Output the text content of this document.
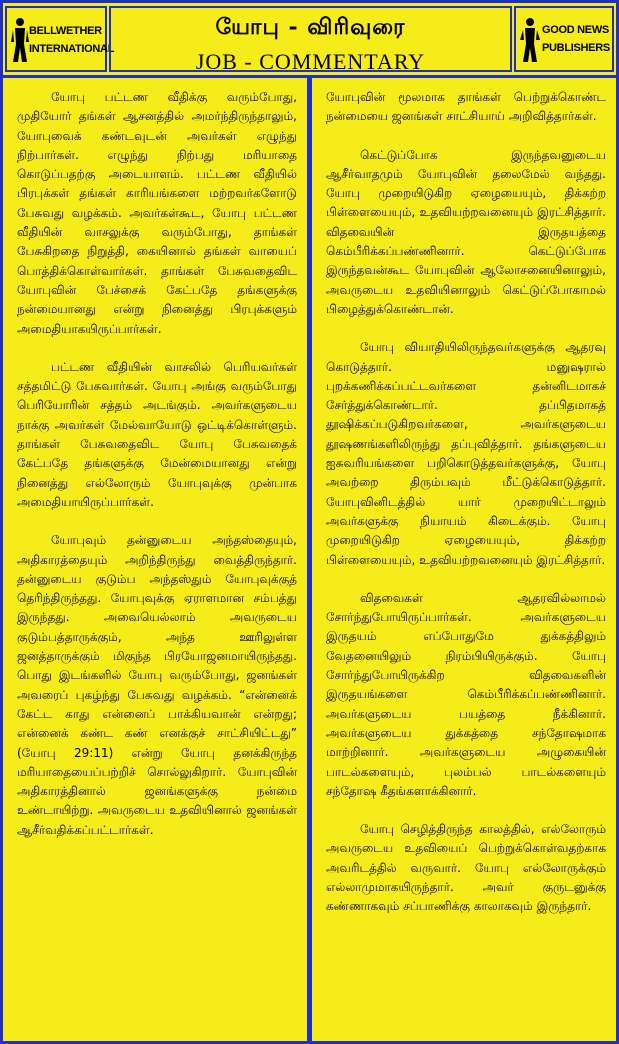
BELLWETHER
INTERNATIONAL
யோபு - விரிவுரை
JOB - COMMENTARY
GOOD NEWS
PUBLISHERS

யோபு பட்டண வீதிக்கு வரும்போது, முதியோர் தங்கள் ஆசனத்தில் அமர்ந்திருந்தாலும், யோபுவைக் கண்டவுடன் அவர்கள் எழுந்து நிற்பார்கள். எழுந்து நிற்பது மரியாதை கொடுப்பதற்கு அடையாளம். பட்டண வீதியில் பிரபுக்கள் தங்கள் காரியங்களை மற்றவர்களோடு பேசுவது வழக்கம். அவர்கள்கூட, யோபு பட்டண வீதியின் வாசலுக்கு வரும்போது, தாங்கள் பேசுகிறதை நிறுத்தி, கையினால் தங்கள் வாயைப் பொத்திக்கொள்வார்கள். தாங்கள் பேசுவதைவிட யோபுவின் பேச்சைக் கேட்பதே தங்களுக்கு நன்மையானது என்று நினைத்து பிரபுக்களும் அமைதியாகயிருப்பார்கள்.

பட்டண வீதியின் வாசலில் பெரியவர்கள் சத்தமிட்டு பேசுவார்கள். யோபு அங்கு வரும்போது பெரியோரின் சத்தம் அடங்கும். அவர்களுடைய நாக்கு அவர்கள் மேல்வாயோடு ஒட்டிக்கொள்ளும். தாங்கள் பேசுவதைவிட யோபு பேசுவதைக் கேட்பதே தங்களுக்கு மேன்மையானது என்று நினைத்து எல்லோரும் யோபுவுக்கு முன்பாக அமைதியாயிருப்பார்கள்.

யோபுவும் தன்னுடைய அந்தஸ்தையும், அதிகாரத்தையும் அறிந்திருந்து வைத்திருந்தார். தன்னுடைய குடும்ப அந்தஸ்தும் யோபுவுக்குத் தெரிந்திருந்தது. யோபுவுக்கு ஏராளமான சம்பத்து இருந்தது. அவையெல்லாம் அவருடைய குடும்பத்தாருக்கும், அந்த ஊரிலுள்ள ஜனத்தாருக்கும் மிகுந்த பிரயோஜனமாயிருந்தது. பொது இடங்களில் யோபு வரும்போது, ஜனங்கள் அவரைப் புகழ்ந்து பேசுவது வழக்கம். “என்னைக் கேட்ட காது என்னைப் பாக்கியவான் என்றது; என்னைக் கண்ட கண் எனக்குச் சாட்சியிட்டது” (யோபு 29:11) என்று யோபு தனக்கிருந்த மரியாதையைப்பற்றிச் சொல்லுகிறார். யோபுவின் அதிகாரத்தினால் ஜனங்களுக்கு நன்மை உண்டாயிற்று. அவருடைய உதவியினால் ஜனங்கள் ஆசீர்வதிக்கப்பட்டார்கள்.

யோபுவின் மூலமாக தாங்கள் பெற்றுக்கொண்ட நன்மையை ஜனங்கள் சாட்சியாய் அறிவித்தார்கள்.

கெட்டுப்போக இருந்தவனுடைய ஆசீர்வாதமும் யோபுவின் தலைமேல் வந்தது. யோபு முறையிடுகிற ஏழையையும், திக்கற்ற பிள்ளையையும், உதவியற்றவனையும் இரட்சித்தார். விதவையின் இருதயத்தை கெம்பீரிக்கப்பண்ணினார். கெட்டுப்போக இருந்தவன்கூட யோபுவின் ஆலோசனையினாலும், அவருடைய உதவியினாலும் கெட்டுப்போகாமல் பிழைத்துக்கொண்டான்.

யோபு வியாதியிலிருந்தவர்களுக்கு ஆதரவு கொடுத்தார். மனுஷரால் புறக்கணிக்கப்பட்டவர்களை தன்னிடமாகச் சேர்த்துக்கொண்டார். தப்பிதமாகத் தூஷிக்கப்படுகிறவர்களை, அவர்களுடைய தூஷணங்களிலிருந்து தப்புவித்தார். தங்களுடைய ஐசுவரியங்களை பறிகொடுத்தவர்களுக்கு, யோபு அவற்றை திரும்பவும் மீட்டுக்கொடுத்தார். யோபுவினிடத்தில் யார் முறையிட்டாலும் அவர்களுக்கு நியாயம் கிடைக்கும். யோபு முறையிடுகிற ஏழையையும், திக்கற்ற பிள்ளையையும், உதவியற்றவனையும் இரட்சித்தார்.

விதவைகள் ஆதரவில்லாமல் சோர்ந்துபோயிருப்பார்கள். அவர்களுடைய இருதயம் எப்போதுமே துக்கத்திலும் வேதனையிலும் நிரம்பியிருக்கும். யோபு சோர்ந்துபோயிருக்கிற விதவைகளின் இருதயங்களை கெம்பீரிக்கப்பண்ணினார். அவர்களுடைய பயத்தை நீக்கினார். அவர்களுடைய துக்கத்தை சந்தோஷமாக மாற்றினார். அவர்களுடைய அழுகையின் பாடல்களையும், புலம்பல் பாடல்களையும் சந்தோஷ கீதங்களாக்கினார்.

யோபு செழித்திருந்த காலத்தில், எல்லோரும் அவருடைய உதவியைப் பெற்றுக்கொள்வதற்காக அவரிடத்தில் வருவார். யோபு எல்லோருக்கும் எல்லாமுமாகயிருந்தார். அவர் குருடனுக்கு கண்ணாகவும் சப்பாணிக்கு காலாகவும் இருந்தார்.
